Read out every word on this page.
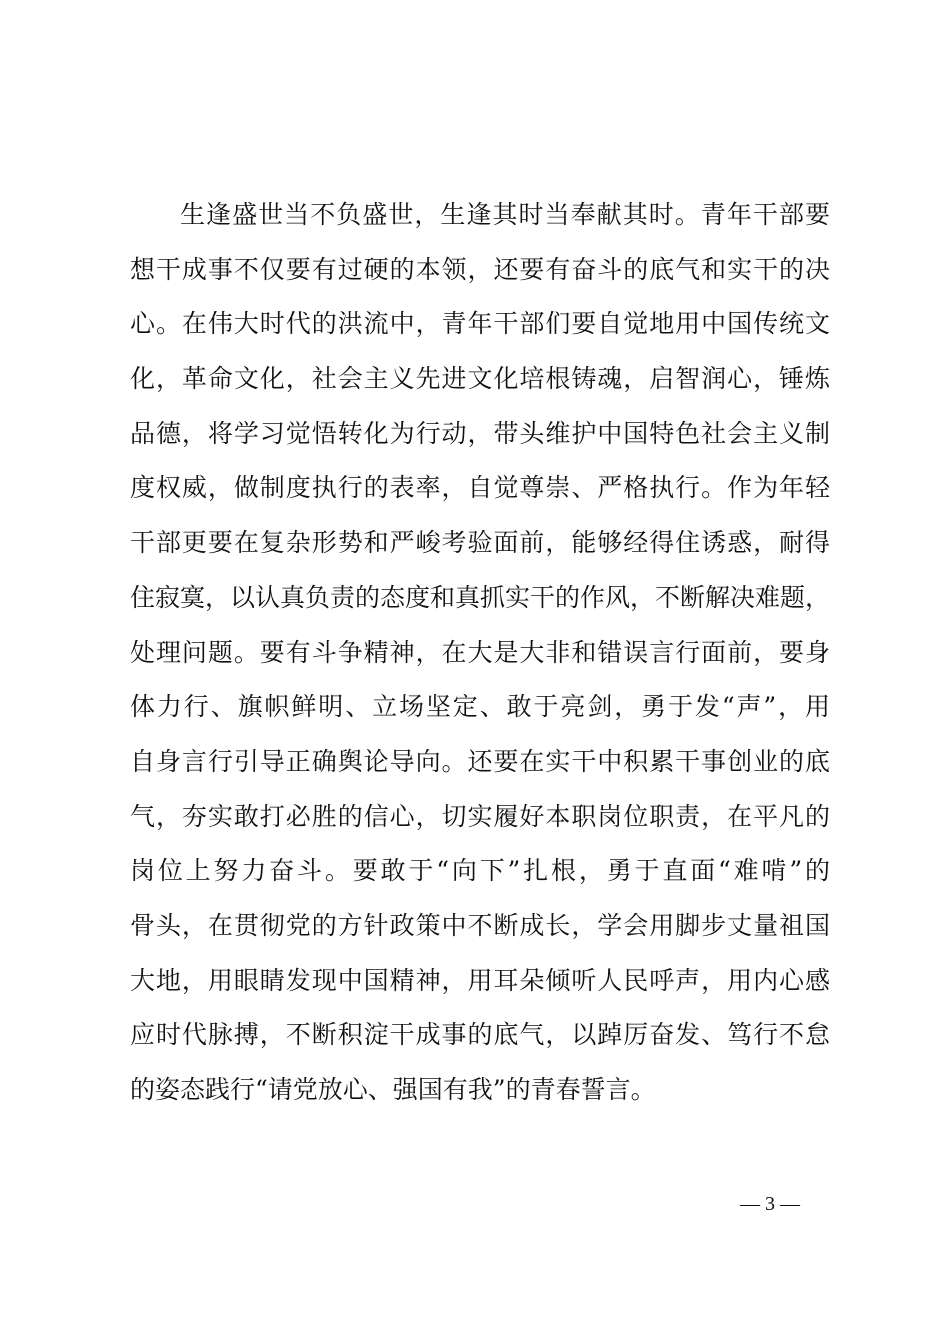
生逢盛世当不负盛世，生逢其时当奉献其时。青年干部要
想干成事不仅要有过硬的本领，还要有奋斗的底气和实干的决
心。在伟大时代的洪流中，青年干部们要自觉地用中国传统文
化，革命文化，社会主义先进文化培根铸魂，启智润心，锤炼
品德，将学习觉悟转化为行动，带头维护中国特色社会主义制
度权威，做制度执行的表率，自觉尊崇、严格执行。作为年轻
干部更要在复杂形势和严峻考验面前，能够经得住诱惑，耐得
住寂寞，以认真负责的态度和真抓实干的作风，不断解决难题，
处理问题。要有斗争精神，在大是大非和错误言行面前，要身
体力行、旗帜鲜明、立场坚定、敢于亮剑，勇于发“声”，用
自身言行引导正确舆论导向。还要在实干中积累干事创业的底
气，夯实敢打必胜的信心，切实履好本职岗位职责，在平凡的
岗位上努力奋斗。要敢于“向下”扎根，勇于直面“难啃”的
骨头，在贯彻党的方针政策中不断成长，学会用脚步丈量祖国
大地，用眼睛发现中国精神，用耳朵倾听人民呼声，用内心感
应时代脉搏，不断积淀干成事的底气，以踔厉奋发、笃行不怠
的姿态践行“请党放心、强国有我”的青春誓言。
— 3 —
